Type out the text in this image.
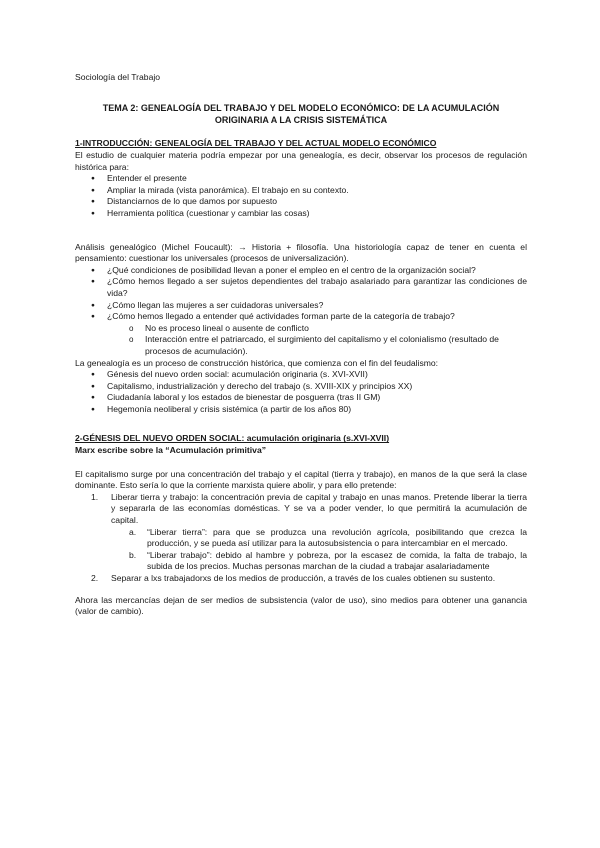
Sociología del Trabajo

TEMA 2: GENEALOGÍA DEL TRABAJO Y DEL MODELO ECONÓMICO: DE LA ACUMULACIÓN ORIGINARIA A LA CRISIS SISTEMÁTICA

1-INTRODUCCIÓN: GENEALOGÍA DEL TRABAJO Y DEL ACTUAL MODELO ECONÓMICO

El estudio de cualquier materia podría empezar por una genealogía, es decir, observar los procesos de regulación histórica para:

● Entender el presente
● Ampliar la mirada (vista panorámica). El trabajo en su contexto.
● Distanciarnos de lo que damos por supuesto
● Herramienta política (cuestionar y cambiar las cosas)

Análisis genealógico (Michel Foucault): → Historia + filosofía. Una historiología capaz de tener en cuenta el pensamiento: cuestionar los universales (procesos de universalización).

● ¿Qué condiciones de posibilidad llevan a poner el empleo en el centro de la organización social?
● ¿Cómo hemos llegado a ser sujetos dependientes del trabajo asalariado para garantizar las condiciones de vida?
● ¿Cómo llegan las mujeres a ser cuidadoras universales?
● ¿Cómo hemos llegado a entender qué actividades forman parte de la categoría de trabajo?
o No es proceso lineal o ausente de conflicto
o Interacción entre el patriarcado, el surgimiento del capitalismo y el colonialismo (resultado de procesos de acumulación).

La genealogía es un proceso de construcción histórica, que comienza con el fin del feudalismo:

● Génesis del nuevo orden social: acumulación originaria (s. XVI-XVII)
● Capitalismo, industrialización y derecho del trabajo (s. XVIII-XIX y principios XX)
● Ciudadanía laboral y los estados de bienestar de posguerra (tras II GM)
● Hegemonía neoliberal y crisis sistémica (a partir de los años 80)

2-GÉNESIS DEL NUEVO ORDEN SOCIAL: acumulación originaria (s.XVI-XVII)

Marx escribe sobre la “Acumulación primitiva”

El capitalismo surge por una concentración del trabajo y el capital (tierra y trabajo), en manos de la que será la clase dominante. Esto sería lo que la corriente marxista quiere abolir, y para ello pretende:

1. Liberar tierra y trabajo: la concentración previa de capital y trabajo en unas manos. Pretende liberar la tierra y separarla de las economías domésticas. Y se va a poder vender, lo que permitirá la acumulación de capital.
a. “Liberar tierra”: para que se produzca una revolución agrícola, posibilitando que crezca la producción, y se pueda así utilizar para la autosubsistencia o para intercambiar en el mercado.
b. “Liberar trabajo”: debido al hambre y pobreza, por la escasez de comida, la falta de trabajo, la subida de los precios. Muchas personas marchan de la ciudad a trabajar asalariadamente
2. Separar a lxs trabajadorxs de los medios de producción, a través de los cuales obtienen su sustento.

Ahora las mercancías dejan de ser medios de subsistencia (valor de uso), sino medios para obtener una ganancia (valor de cambio).
